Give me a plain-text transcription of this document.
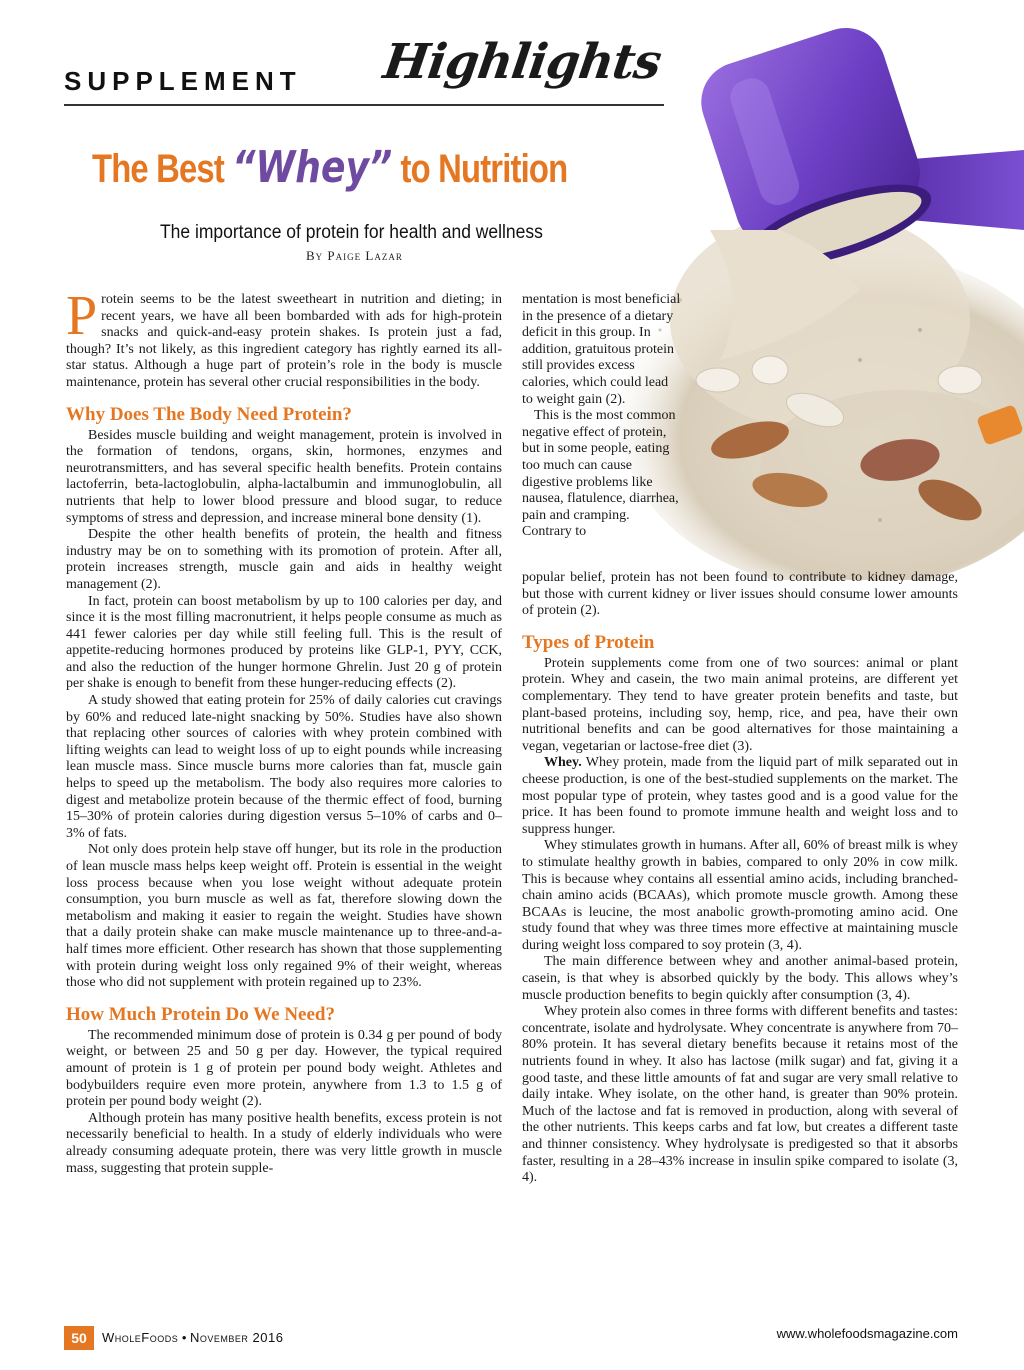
SUPPLEMENT Highlights
The Best “Whey” to Nutrition
The importance of protein for health and wellness
By Paige Lazar

Protein seems to be the latest sweetheart in nutrition and dieting; in recent years, we have all been bombarded with ads for high-protein snacks and quick-and-easy protein shakes. Is protein just a fad, though? It’s not likely, as this ingredient category has rightly earned its all-star status. Although a huge part of protein’s role in the body is muscle maintenance, protein has several other crucial responsibilities in the body.

Why Does The Body Need Protein?

Besides muscle building and weight management, protein is involved in the formation of tendons, organs, skin, hormones, enzymes and neurotransmitters, and has several specific health benefits. Protein contains lactoferrin, beta-lactoglobulin, alpha-lactalbumin and immunoglobulin, all nutrients that help to lower blood pressure and blood sugar, to reduce symptoms of stress and depression, and increase mineral bone density (1).

Despite the other health benefits of protein, the health and fitness industry may be on to something with its promotion of protein. After all, protein increases strength, muscle gain and aids in healthy weight management (2).

In fact, protein can boost metabolism by up to 100 calories per day, and since it is the most filling macronutrient, it helps people consume as much as 441 fewer calories per day while still feeling full. This is the result of appetite-reducing hormones produced by proteins like GLP-1, PYY, CCK, and also the reduction of the hunger hormone Ghrelin. Just 20 g of protein per shake is enough to benefit from these hunger-reducing effects (2).

A study showed that eating protein for 25% of daily calories cut cravings by 60% and reduced late-night snacking by 50%. Studies have also shown that replacing other sources of calories with whey protein combined with lifting weights can lead to weight loss of up to eight pounds while increasing lean muscle mass. Since muscle burns more calories than fat, muscle gain helps to speed up the metabolism. The body also requires more calories to digest and metabolize protein because of the thermic effect of food, burning 15–30% of protein calories during digestion versus 5–10% of carbs and 0–3% of fats.

Not only does protein help stave off hunger, but its role in the production of lean muscle mass helps keep weight off. Protein is essential in the weight loss process because when you lose weight without adequate protein consumption, you burn muscle as well as fat, therefore slowing down the metabolism and making it easier to regain the weight. Studies have shown that a daily protein shake can make muscle maintenance up to three-and-a-half times more efficient. Other research has shown that those supplementing with protein during weight loss only regained 9% of their weight, whereas those who did not supplement with protein regained up to 23%.

How Much Protein Do We Need?

The recommended minimum dose of protein is 0.34 g per pound of body weight, or between 25 and 50 g per day. However, the typical required amount of protein is 1 g of protein per pound body weight. Athletes and bodybuilders require even more protein, anywhere from 1.3 to 1.5 g of protein per pound body weight (2).

Although protein has many positive health benefits, excess protein is not necessarily beneficial to health. In a study of elderly individuals who were already consuming adequate protein, there was very little growth in muscle mass, suggesting that protein supple-

mentation is most beneficial in the presence of a dietary deficit in this group. In addition, gratuitous protein still provides excess calories, which could lead to weight gain (2).

This is the most common negative effect of protein, but in some people, eating too much can cause digestive problems like nausea, flatulence, diarrhea, pain and cramping. Contrary to

popular belief, protein has not been found to contribute to kidney damage, but those with current kidney or liver issues should consume lower amounts of protein (2).

Types of Protein

Protein supplements come from one of two sources: animal or plant protein. Whey and casein, the two main animal proteins, are different yet complementary. They tend to have greater protein benefits and taste, but plant-based proteins, including soy, hemp, rice, and pea, have their own nutritional benefits and can be good alternatives for those maintaining a vegan, vegetarian or lactose-free diet (3).

Whey. Whey protein, made from the liquid part of milk separated out in cheese production, is one of the best-studied supplements on the market. The most popular type of protein, whey tastes good and is a good value for the price. It has been found to promote immune health and weight loss and to suppress hunger.

Whey stimulates growth in humans. After all, 60% of breast milk is whey to stimulate healthy growth in babies, compared to only 20% in cow milk. This is because whey contains all essential amino acids, including branched-chain amino acids (BCAAs), which promote muscle growth. Among these BCAAs is leucine, the most anabolic growth-promoting amino acid. One study found that whey was three times more effective at maintaining muscle during weight loss compared to soy protein (3, 4).

The main difference between whey and another animal-based protein, casein, is that whey is absorbed quickly by the body. This allows whey’s muscle production benefits to begin quickly after consumption (3, 4).

Whey protein also comes in three forms with different benefits and tastes: concentrate, isolate and hydrolysate. Whey concentrate is anywhere from 70–80% protein. It has several dietary benefits because it retains most of the nutrients found in whey. It also has lactose (milk sugar) and fat, giving it a good taste, and these little amounts of fat and sugar are very small relative to daily intake. Whey isolate, on the other hand, is greater than 90% protein. Much of the lactose and fat is removed in production, along with several of the other nutrients. This keeps carbs and fat low, but creates a different taste and thinner consistency. Whey hydrolysate is predigested so that it absorbs faster, resulting in a 28–43% increase in insulin spike compared to isolate (3, 4).

50	WholeFoods • November 2016	www.wholefoodsmagazine.com
